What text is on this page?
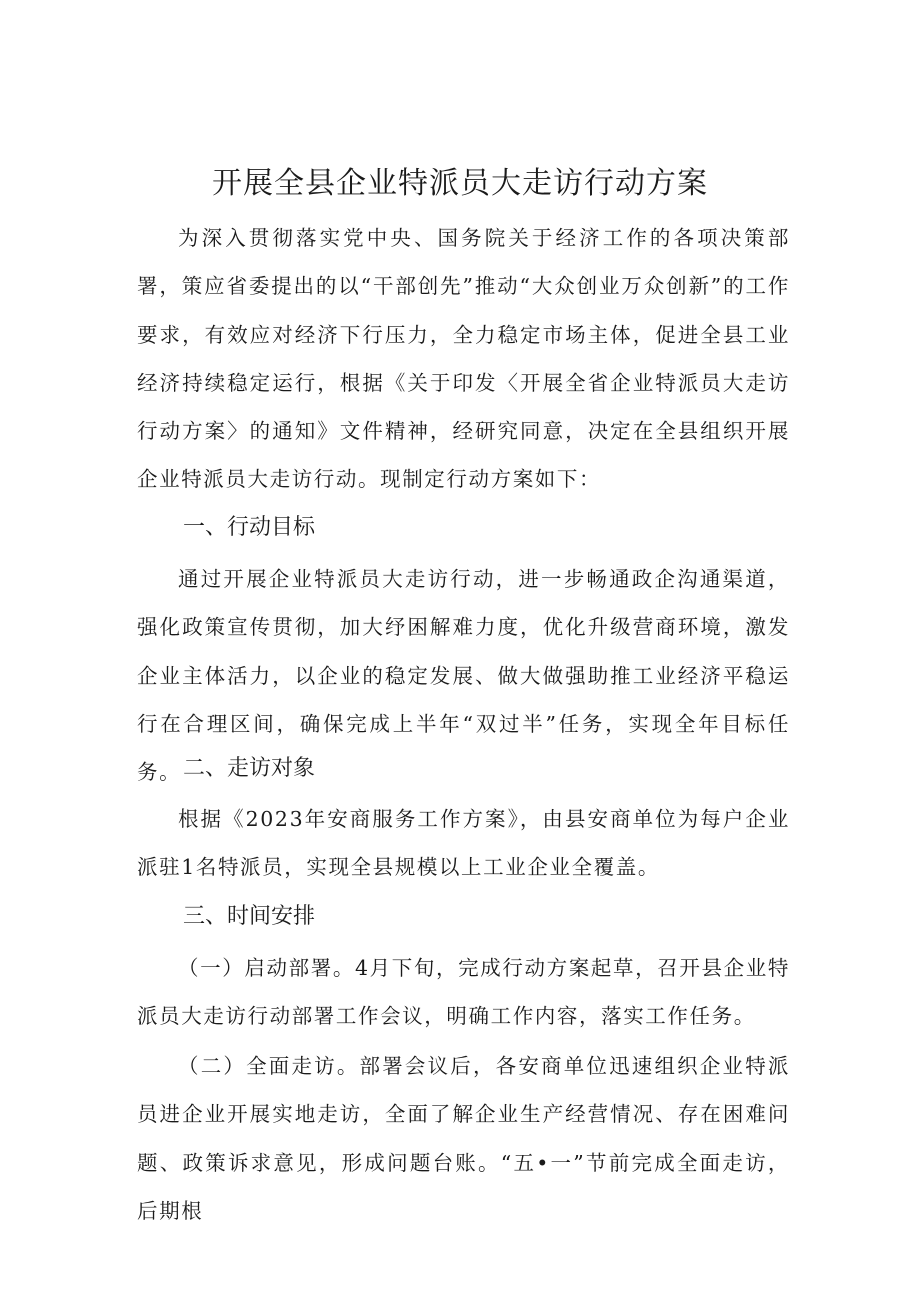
开展全县企业特派员大走访行动方案

为深入贯彻落实党中央、国务院关于经济工作的各项决策部署，策应省委提出的以“干部创先”推动“大众创业万众创新”的工作要求，有效应对经济下行压力，全力稳定市场主体，促进全县工业经济持续稳定运行，根据《关于印发〈开展全省企业特派员大走访行动方案〉的通知》文件精神，经研究同意，决定在全县组织开展企业特派员大走访行动。现制定行动方案如下：

一、行动目标

通过开展企业特派员大走访行动，进一步畅通政企沟通渠道，强化政策宣传贯彻，加大纾困解难力度，优化升级营商环境，激发企业主体活力，以企业的稳定发展、做大做强助推工业经济平稳运行在合理区间，确保完成上半年“双过半”任务，实现全年目标任务。 二、走访对象

根据《2023年安商服务工作方案》，由县安商单位为每户企业派驻1名特派员，实现全县规模以上工业企业全覆盖。

三、时间安排

（一）启动部署。4月下旬，完成行动方案起草，召开县企业特派员大走访行动部署工作会议，明确工作内容，落实工作任务。

（二）全面走访。部署会议后，各安商单位迅速组织企业特派员进企业开展实地走访，全面了解企业生产经营情况、存在困难问题、政策诉求意见，形成问题台账。“五•一”节前完成全面走访，后期根
